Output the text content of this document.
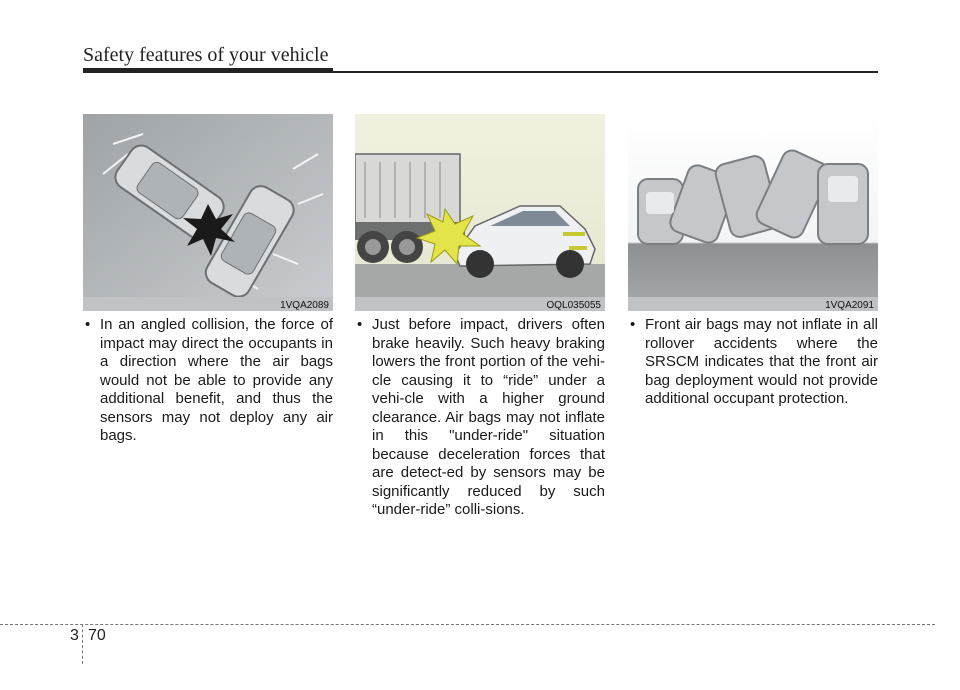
Safety features of your vehicle
1VQA2089	OQL035055	1VQA2091
• In an angled collision, the force of impact may direct the occupants in a direction where the air bags would not be able to provide any additional benefit, and thus the sensors may not deploy any air bags.

• Just before impact, drivers often brake heavily. Such heavy braking lowers the front portion of the vehi-cle causing it to “ride” under a vehi-cle with a higher ground clearance. Air bags may not inflate in this "under-ride" situation because deceleration forces that are detect-ed by sensors may be significantly reduced by such “under-ride” colli-sions.

• Front air bags may not inflate in all rollover accidents where the SRSCM indicates that the front air bag deployment would not provide additional occupant protection.

3 70
